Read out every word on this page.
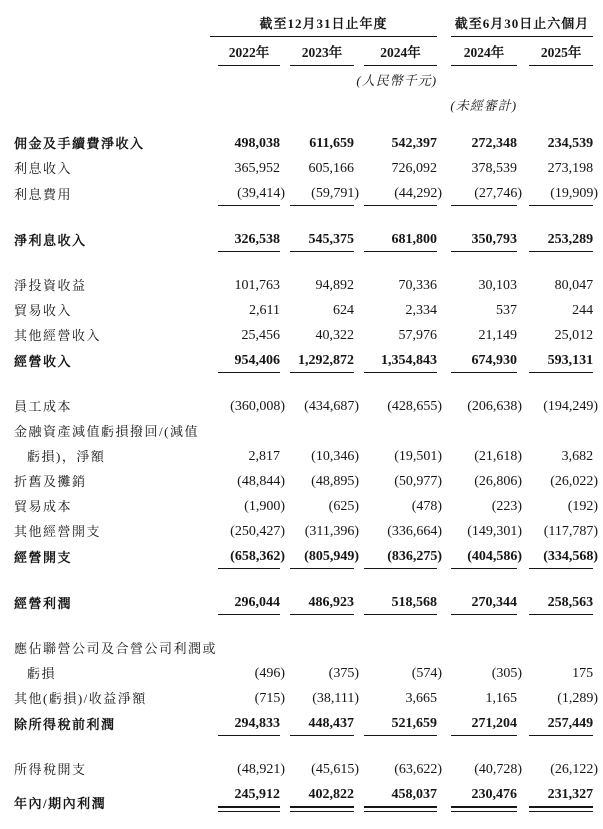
	截至12月31日止年度							截至6月30日止六個月		
		2022年		2023年		2024年		2024年		2025年
(人民幣千元)										
(未經審計)										
佣金及手續費淨收入		498,038		611,659		542,397		272,348		234,539
利息收入		365,952		605,166		726,092		378,539		273,198
利息費用		(39,414)		(59,791)		(44,292)		(27,746)		(19,909)

淨利息收入		326,538		545,375		681,800		350,793		253,289

淨投資收益		101,763		94,892		70,336		30,103		80,047
貿易收入		2,611		624		2,334		537		244
其他經營收入		25,456		40,322		57,976		21,149		25,012
經營收入		954,406		1,292,872		1,354,843		674,930		593,131

員工成本		(360,008)		(434,687)		(428,655)		(206,638)		(194,249)
金融資產減值虧損撥回/(減值										
虧損)，淨額		2,817		(10,346)		(19,501)		(21,618)		3,682
折舊及攤銷		(48,844)		(48,895)		(50,977)		(26,806)		(26,022)
貿易成本		(1,900)		(625)		(478)		(223)		(192)
其他經營開支		(250,427)		(311,396)		(336,664)		(149,301)		(117,787)
經營開支		(658,362)		(805,949)		(836,275)		(404,586)		(334,568)

經營利潤		296,044		486,923		518,568		270,344		258,563

應佔聯營公司及合營公司利潤或										
虧損		(496)		(375)		(574)		(305)		175
其他(虧損)/收益淨額		(715)		(38,111)		3,665		1,165		(1,289)
除所得稅前利潤		294,833		448,437		521,659		271,204		257,449

所得稅開支		(48,921)		(45,615)		(63,622)		(40,728)		(26,122)
年內/期內利潤		245,912		402,822		458,037		230,476		231,327
